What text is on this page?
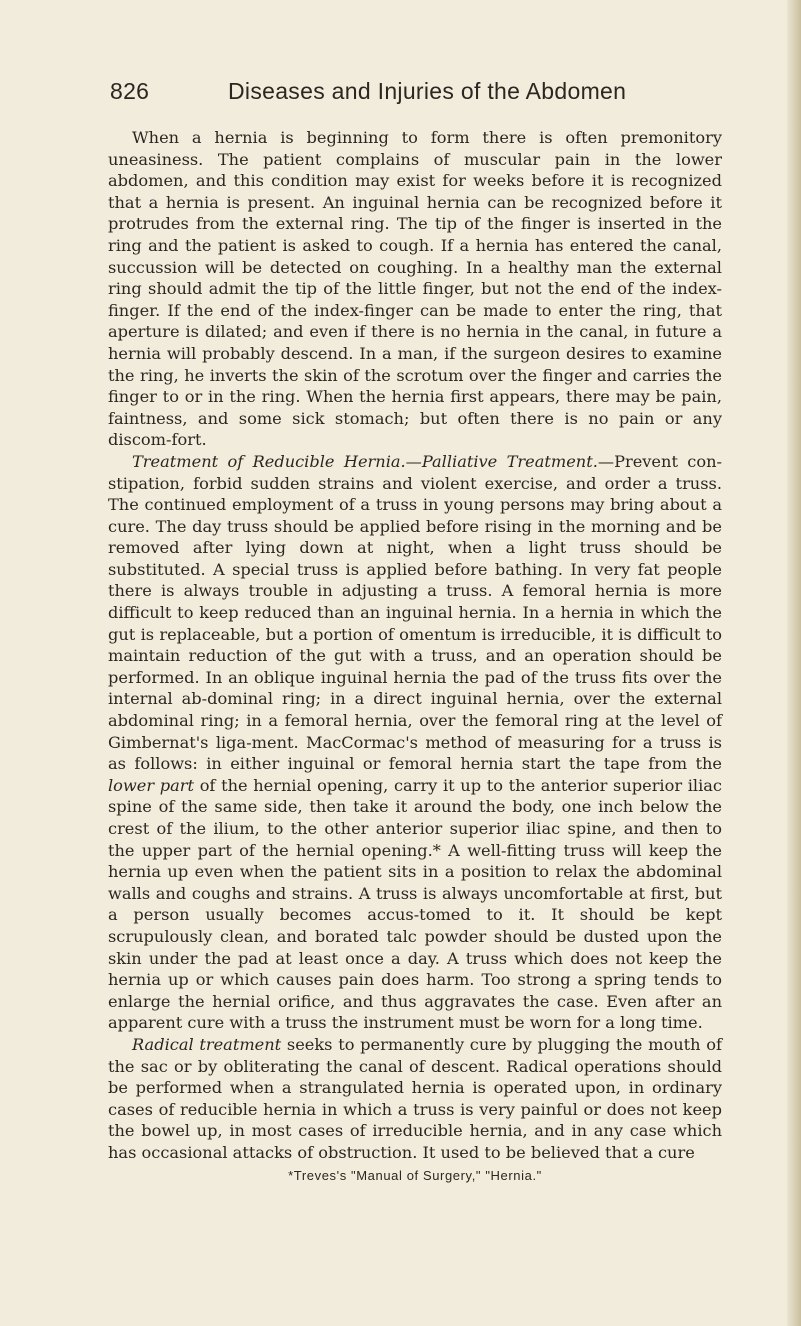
826	Diseases and Injuries of the Abdomen

When a hernia is beginning to form there is often premonitory uneasiness. The patient complains of muscular pain in the lower abdomen, and this condition may exist for weeks before it is recognized that a hernia is present. An inguinal hernia can be recognized before it protrudes from the external ring. The tip of the finger is inserted in the ring and the patient is asked to cough. If a hernia has entered the canal, succussion will be detected on coughing. In a healthy man the external ring should admit the tip of the little finger, but not the end of the index-finger. If the end of the index-finger can be made to enter the ring, that aperture is dilated; and even if there is no hernia in the canal, in future a hernia will probably descend. In a man, if the surgeon desires to examine the ring, he inverts the skin of the scrotum over the finger and carries the finger to or in the ring. When the hernia first appears, there may be pain, faintness, and some sick stomach; but often there is no pain or any discom-fort.

Treatment of Reducible Hernia.—Palliative Treatment.—Prevent con-stipation, forbid sudden strains and violent exercise, and order a truss. The continued employment of a truss in young persons may bring about a cure. The day truss should be applied before rising in the morning and be removed after lying down at night, when a light truss should be substituted. A special truss is applied before bathing. In very fat people there is always trouble in adjusting a truss. A femoral hernia is more difficult to keep reduced than an inguinal hernia. In a hernia in which the gut is replaceable, but a portion of omentum is irreducible, it is difficult to maintain reduction of the gut with a truss, and an operation should be performed. In an oblique inguinal hernia the pad of the truss fits over the internal ab-dominal ring; in a direct inguinal hernia, over the external abdominal ring; in a femoral hernia, over the femoral ring at the level of Gimbernat's liga-ment. MacCormac's method of measuring for a truss is as follows: in either inguinal or femoral hernia start the tape from the lower part of the hernial opening, carry it up to the anterior superior iliac spine of the same side, then take it around the body, one inch below the crest of the ilium, to the other anterior superior iliac spine, and then to the upper part of the hernial opening.* A well-fitting truss will keep the hernia up even when the patient sits in a position to relax the abdominal walls and coughs and strains. A truss is always uncomfortable at first, but a person usually becomes accus-tomed to it. It should be kept scrupulously clean, and borated talc powder should be dusted upon the skin under the pad at least once a day. A truss which does not keep the hernia up or which causes pain does harm. Too strong a spring tends to enlarge the hernial orifice, and thus aggravates the case. Even after an apparent cure with a truss the instrument must be worn for a long time.

Radical treatment seeks to permanently cure by plugging the mouth of the sac or by obliterating the canal of descent. Radical operations should be performed when a strangulated hernia is operated upon, in ordinary cases of reducible hernia in which a truss is very painful or does not keep the bowel up, in most cases of irreducible hernia, and in any case which has occasional attacks of obstruction. It used to be believed that a cure

*Treves's "Manual of Surgery," "Hernia."
